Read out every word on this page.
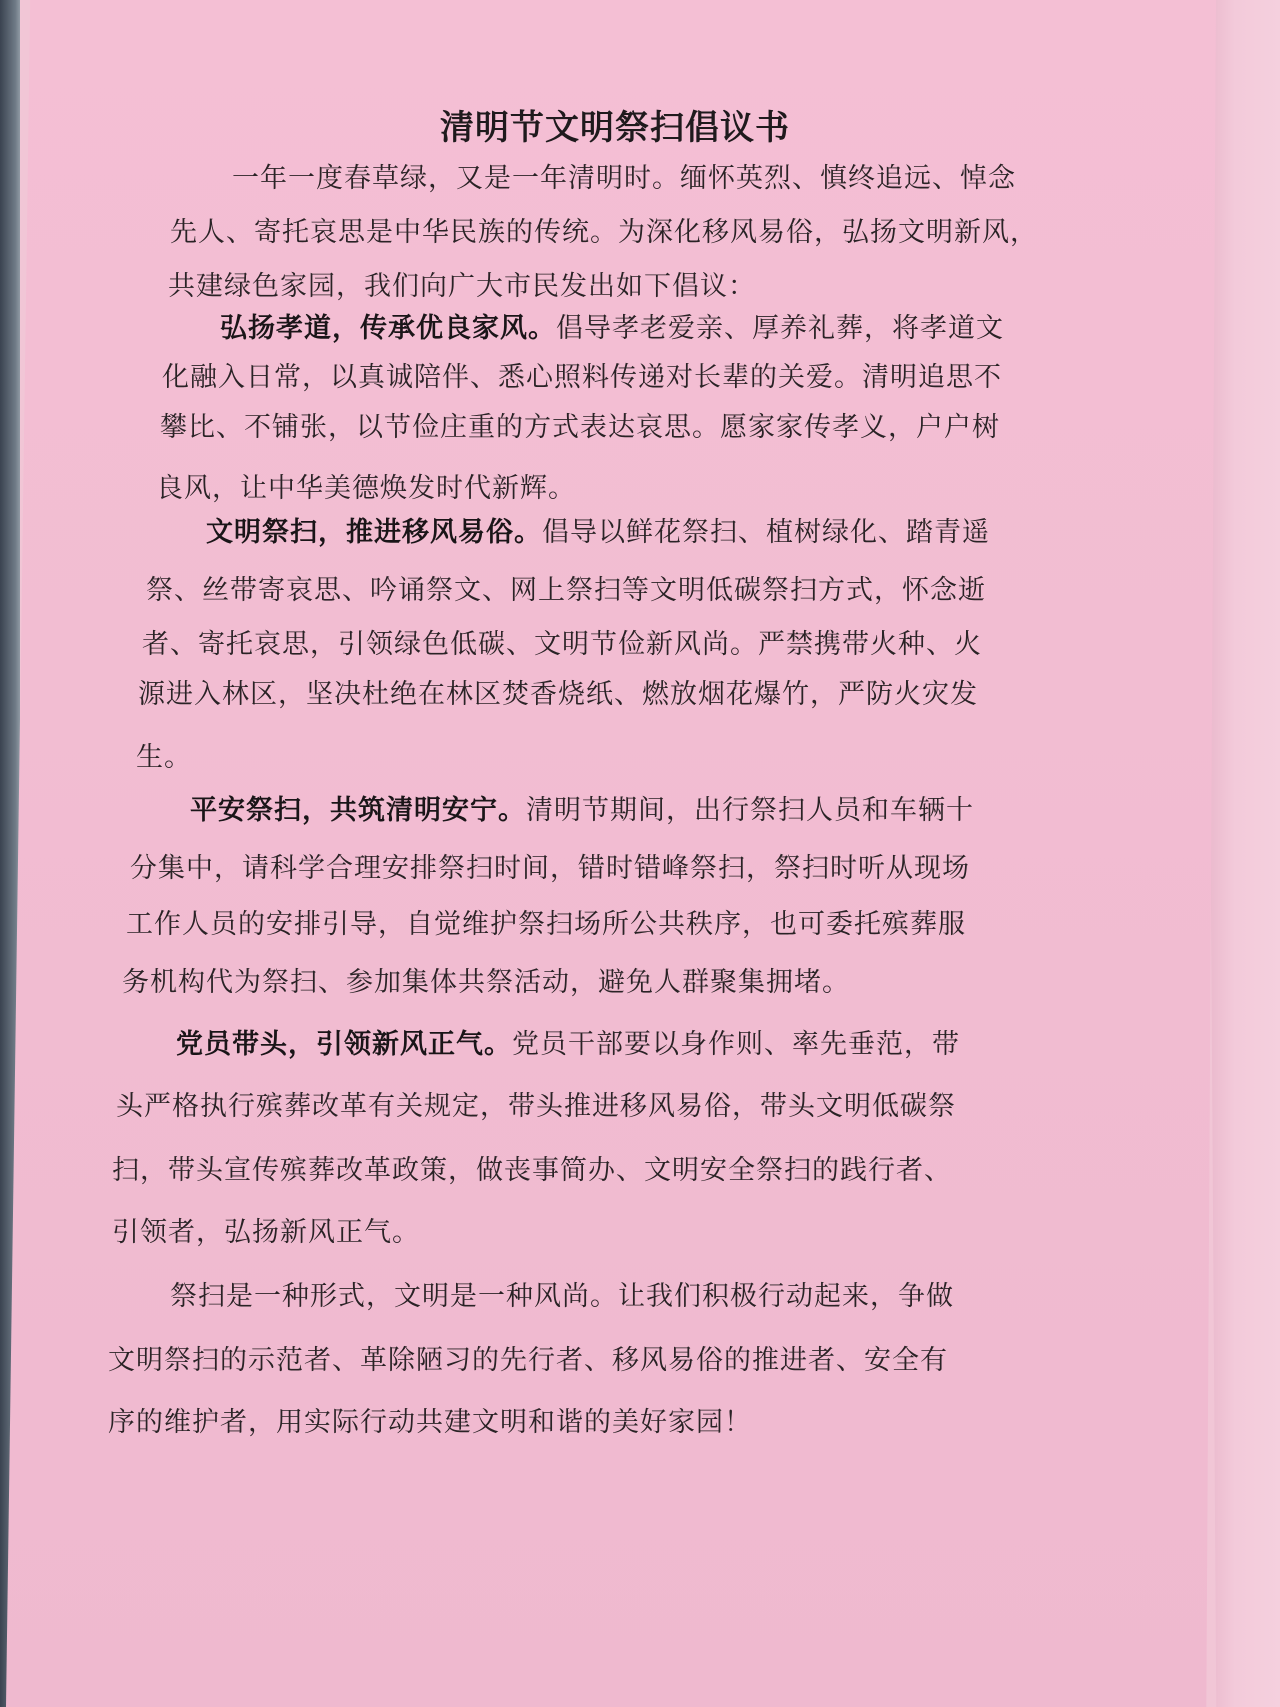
清明节文明祭扫倡议书
一年一度春草绿，又是一年清明时。缅怀英烈、慎终追远、悼念
先人、寄托哀思是中华民族的传统。为深化移风易俗，弘扬文明新风，
共建绿色家园，我们向广大市民发出如下倡议：
弘扬孝道，传承优良家风。倡导孝老爱亲、厚养礼葬，将孝道文
化融入日常，以真诚陪伴、悉心照料传递对长辈的关爱。清明追思不
攀比、不铺张，以节俭庄重的方式表达哀思。愿家家传孝义，户户树
良风，让中华美德焕发时代新辉。
文明祭扫，推进移风易俗。倡导以鲜花祭扫、植树绿化、踏青遥
祭、丝带寄哀思、吟诵祭文、网上祭扫等文明低碳祭扫方式，怀念逝
者、寄托哀思，引领绿色低碳、文明节俭新风尚。严禁携带火种、火
源进入林区，坚决杜绝在林区焚香烧纸、燃放烟花爆竹，严防火灾发
生。
平安祭扫，共筑清明安宁。清明节期间，出行祭扫人员和车辆十
分集中，请科学合理安排祭扫时间，错时错峰祭扫，祭扫时听从现场
工作人员的安排引导，自觉维护祭扫场所公共秩序，也可委托殡葬服
务机构代为祭扫、参加集体共祭活动，避免人群聚集拥堵。
党员带头，引领新风正气。党员干部要以身作则、率先垂范，带
头严格执行殡葬改革有关规定，带头推进移风易俗，带头文明低碳祭
扫，带头宣传殡葬改革政策，做丧事简办、文明安全祭扫的践行者、
引领者，弘扬新风正气。
祭扫是一种形式，文明是一种风尚。让我们积极行动起来，争做
文明祭扫的示范者、革除陋习的先行者、移风易俗的推进者、安全有
序的维护者，用实际行动共建文明和谐的美好家园！
